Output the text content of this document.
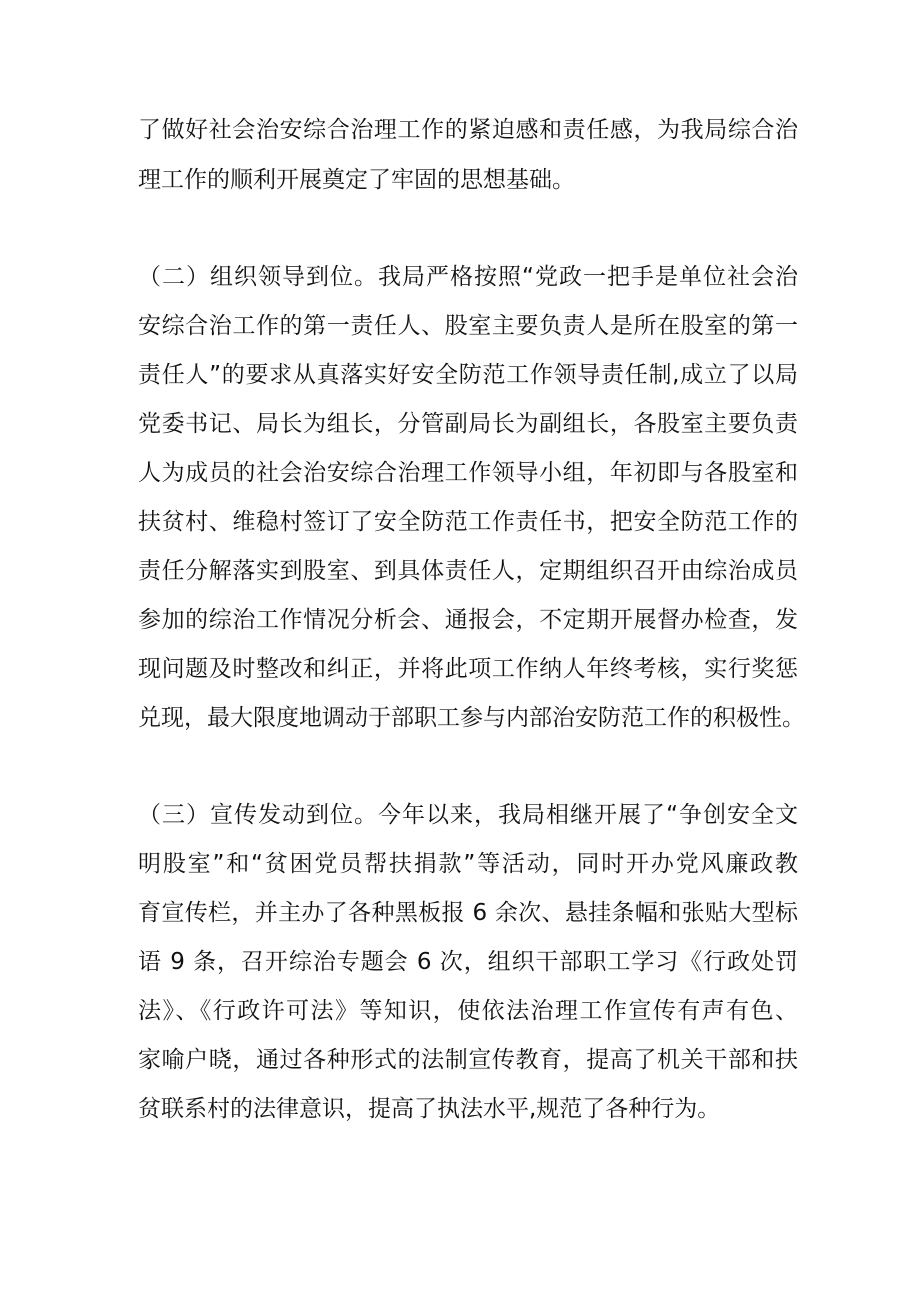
了做好社会治安综合治理工作的紧迫感和责任感，为我局综合治
理工作的顺利开展奠定了牢固的思想基础。
（二）组织领导到位。我局严格按照“党政一把手是单位社会治
安综合治工作的第一责任人、股室主要负责人是所在股室的第一
责任人”的要求从真落实好安全防范工作领导责任制,成立了以局
党委书记、局长为组长，分管副局长为副组长，各股室主要负责
人为成员的社会治安综合治理工作领导小组，年初即与各股室和
扶贫村、维稳村签订了安全防范工作责任书，把安全防范工作的
责任分解落实到股室、到具体责任人，定期组织召开由综治成员
参加的综治工作情况分析会、通报会，不定期开展督办检查，发
现问题及时整改和纠正，并将此项工作纳人年终考核，实行奖惩
兑现，最大限度地调动于部职工参与内部治安防范工作的积极性。
（三）宣传发动到位。今年以来，我局相继开展了“争创安全文
明股室”和“贫困党员帮扶捐款”等活动，同时开办党风廉政教
育宣传栏，并主办了各种黑板报 6 余次、悬挂条幅和张贴大型标
语 9 条，召开综治专题会 6 次，组织干部职工学习《行政处罚
法》、《行政许可法》等知识，使依法治理工作宣传有声有色、
家喻户晓，通过各种形式的法制宣传教育，提高了机关干部和扶
贫联系村的法律意识，提高了执法水平,规范了各种行为。
